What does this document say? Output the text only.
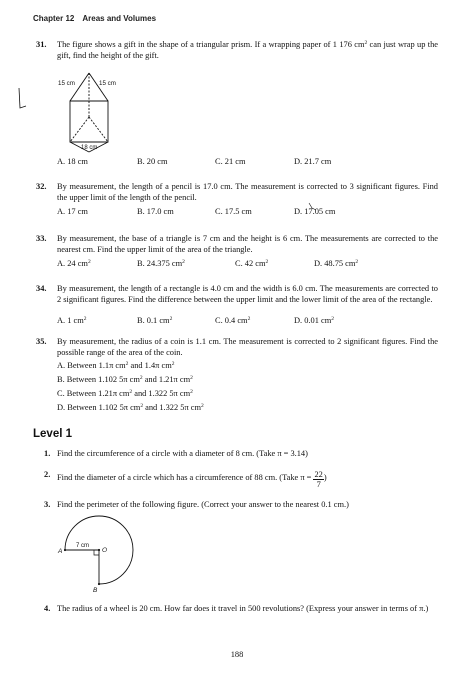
Chapter 12 Areas and Volumes
31. The figure shows a gift in the shape of a triangular prism. If a wrapping paper of 1 176 $cm^2$ can just wrap up the gift, find the height of the gift.
15 cm	15 cm
18 cm
A. 18 cm	B. 20 cm	C. 21 cm	D. 21.7 cm
32. By measurement, the length of a pencil is 17.0 cm. The measurement is corrected to 3 significant figures. Find the upper limit of the length of the pencil.
A. 17 cm	B. 17.0 cm	C. 17.5 cm	D. 17.05 cm
33. By measurement, the base of a triangle is 7 cm and the height is 6 cm. The measurements are corrected to the nearest cm. Find the upper limit of the area of the triangle.
A. 24 $cm^2$	B. 24.375 $cm^2$	C. 42 $cm^2$	D. 48.75 $cm^2$
34. By measurement, the length of a rectangle is 4.0 cm and the width is 6.0 cm. The measurements are corrected to 2 significant figures. Find the difference between the upper limit and the lower limit of the area of the rectangle.
A. 1 $cm^2$	B. 0.1 $cm^2$	C. 0.4 $cm^2$	D. 0.01 $cm^2$
35. By measurement, the radius of a coin is 1.1 cm. The measurement is corrected to 2 significant figures. Find the possible range of the area of the coin.
A. Between 1.1π $cm^2$ and 1.4π $cm^2$
B. Between 1.102 5π $cm^2$ and 1.21π $cm^2$
C. Between 1.21π $cm^2$ and 1.322 5π $cm^2$
D. Between 1.102 5π $cm^2$ and 1.322 5π $cm^2$
Level 1
1. Find the circumference of a circle with a diameter of 8 cm. (Take π = 3.14)
2. Find the diameter of a circle which has a circumference of 88 cm. (Take $\pi = \frac{22}{7}$ )
3. Find the perimeter of the following figure. (Correct your answer to the nearest 0.1 cm.)
A	O
B
7 cm
4. The radius of a wheel is 20 cm. How far does it travel in 500 revolutions? (Express your answer in terms of π.)
188
